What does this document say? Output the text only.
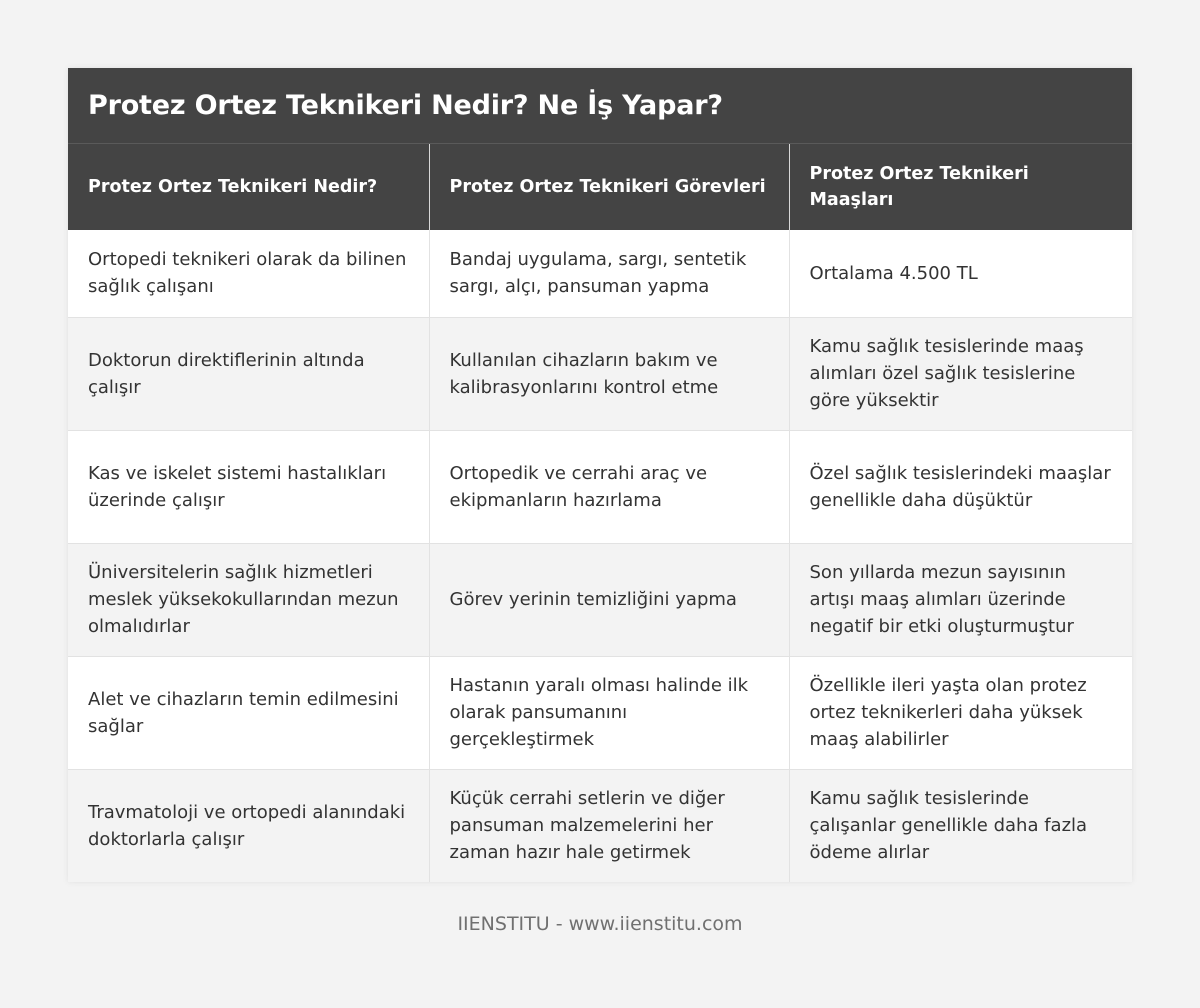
Protez Ortez Teknikeri Nedir? Ne İş Yapar?
Protez Ortez Teknikeri Nedir?	Protez Ortez Teknikeri Görevleri	Protez Ortez Teknikeri Maaşları
Ortopedi teknikeri olarak da bilinen sağlık çalışanı	Bandaj uygulama, sargı, sentetik sargı, alçı, pansuman yapma	Ortalama 4.500 TL
Doktorun direktiflerinin altında çalışır	Kullanılan cihazların bakım ve kalibrasyonlarını kontrol etme	Kamu sağlık tesislerinde maaş alımları özel sağlık tesislerine göre yüksektir
Kas ve iskelet sistemi hastalıkları üzerinde çalışır	Ortopedik ve cerrahi araç ve ekipmanların hazırlama	Özel sağlık tesislerindeki maaşlar genellikle daha düşüktür
Üniversitelerin sağlık hizmetleri meslek yüksekokullarından mezun olmalıdırlar	Görev yerinin temizliğini yapma	Son yıllarda mezun sayısının artışı maaş alımları üzerinde negatif bir etki oluşturmuştur
Alet ve cihazların temin edilmesini sağlar	Hastanın yaralı olması halinde ilk olarak pansumanını gerçekleştirmek	Özellikle ileri yaşta olan protez ortez teknikerleri daha yüksek maaş alabilirler
Travmatoloji ve ortopedi alanındaki doktorlarla çalışır	Küçük cerrahi setlerin ve diğer pansuman malzemelerini her zaman hazır hale getirmek	Kamu sağlık tesislerinde çalışanlar genellikle daha fazla ödeme alırlar
IIENSTITU - www.iienstitu.com
